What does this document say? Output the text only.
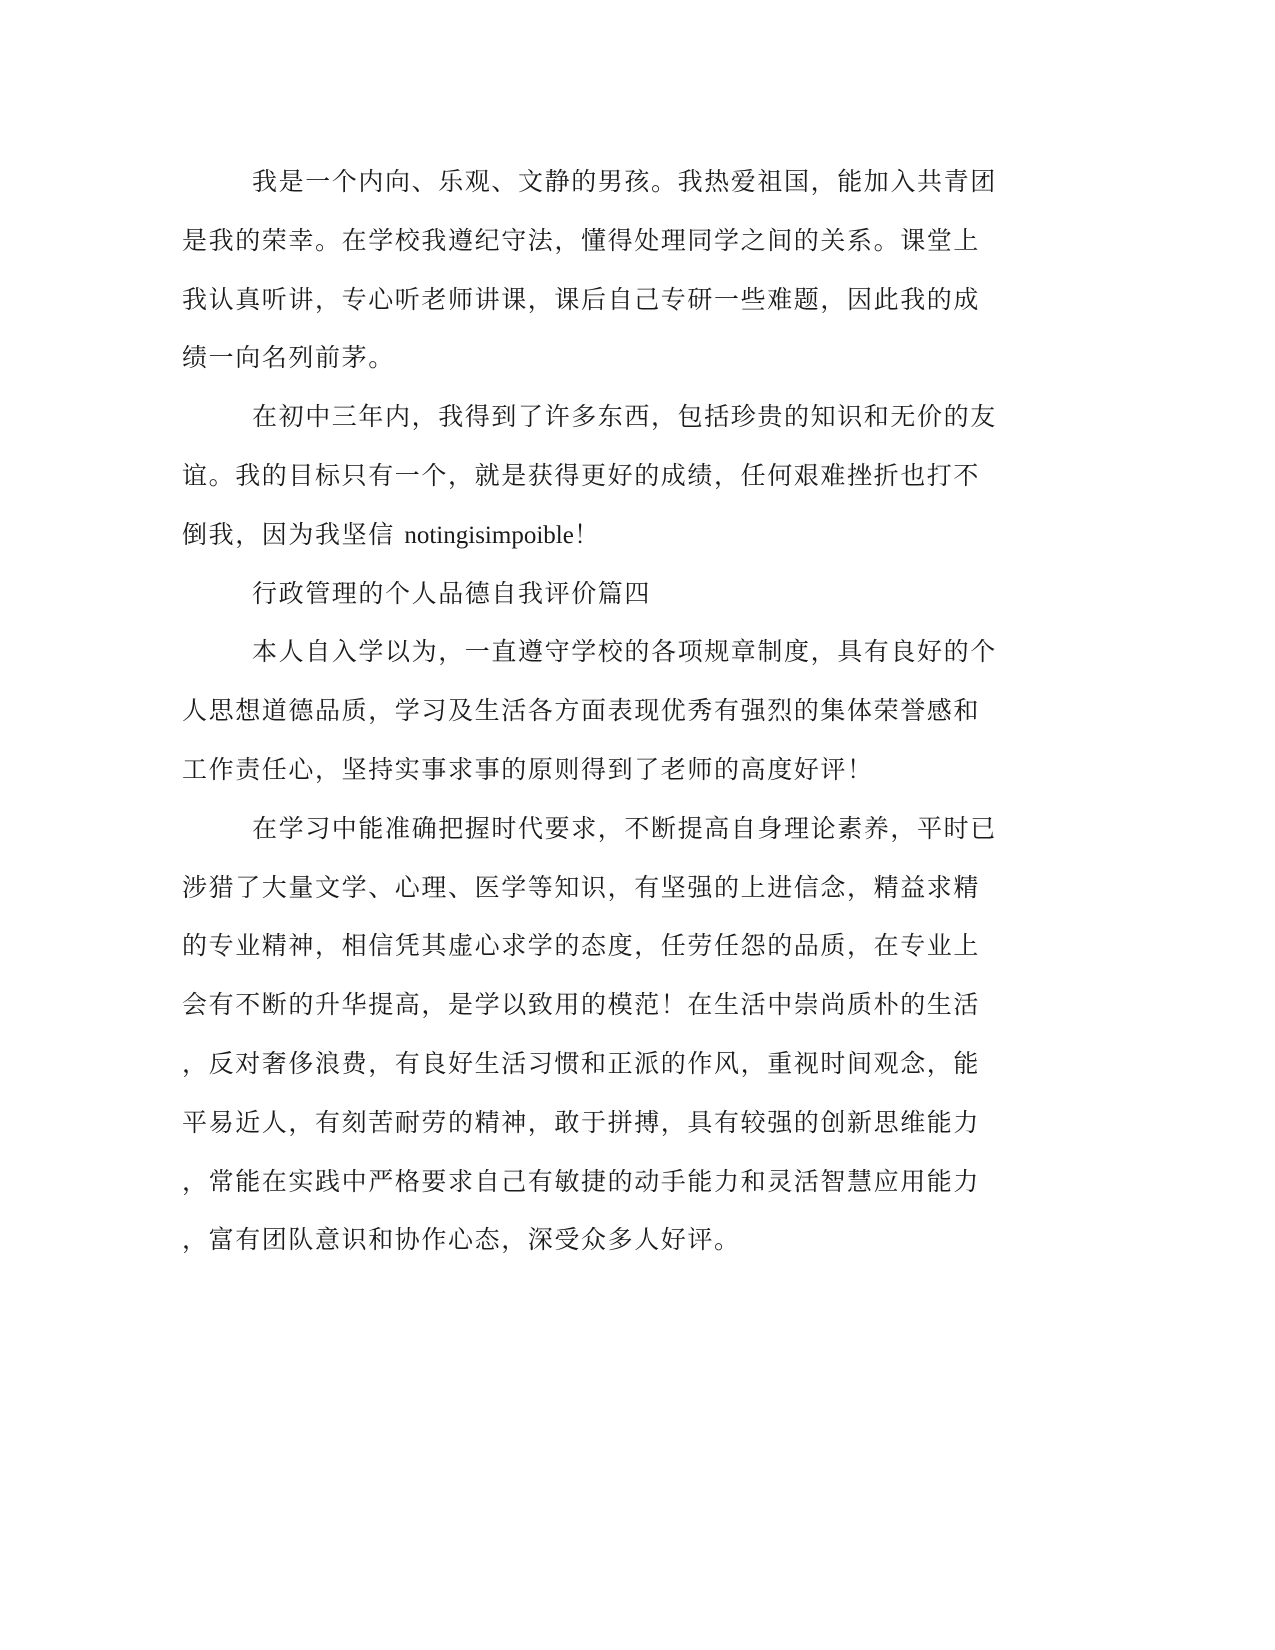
我是一个内向、乐观、文静的男孩。我热爱祖国，能加入共青团
是我的荣幸。在学校我遵纪守法，懂得处理同学之间的关系。课堂上
我认真听讲，专心听老师讲课，课后自己专研一些难题，因此我的成
绩一向名列前茅。
在初中三年内，我得到了许多东西，包括珍贵的知识和无价的友
谊。我的目标只有一个，就是获得更好的成绩，任何艰难挫折也打不
倒我，因为我坚信 notingisimpoible！
行政管理的个人品德自我评价篇四
本人自入学以为，一直遵守学校的各项规章制度，具有良好的个
人思想道德品质，学习及生活各方面表现优秀有强烈的集体荣誉感和
工作责任心，坚持实事求事的原则得到了老师的高度好评！
在学习中能准确把握时代要求，不断提高自身理论素养，平时已
涉猎了大量文学、心理、医学等知识，有坚强的上进信念，精益求精
的专业精神，相信凭其虚心求学的态度，任劳任怨的品质，在专业上
会有不断的升华提高，是学以致用的模范！在生活中崇尚质朴的生活
，反对奢侈浪费，有良好生活习惯和正派的作风，重视时间观念，能
平易近人，有刻苦耐劳的精神，敢于拼搏，具有较强的创新思维能力
，常能在实践中严格要求自己有敏捷的动手能力和灵活智慧应用能力
，富有团队意识和协作心态，深受众多人好评。
